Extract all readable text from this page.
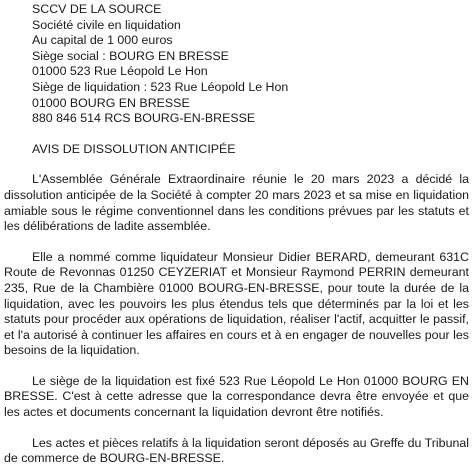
SCCV DE LA SOURCE
Société civile en liquidation
Au capital de 1 000 euros
Siège social : BOURG EN BRESSE
01000 523 Rue Léopold Le Hon
Siège de liquidation : 523 Rue Léopold Le Hon
01000 BOURG EN BRESSE
880 846 514 RCS BOURG-EN-BRESSE
AVIS DE DISSOLUTION ANTICIPÉE

L'Assemblée Générale Extraordinaire réunie le 20 mars 2023 a décidé la dissolution anticipée de la Société à compter 20 mars 2023 et sa mise en liquidation amiable sous le régime conventionnel dans les conditions prévues par les statuts et les délibérations de ladite assemblée.

Elle a nommé comme liquidateur Monsieur Didier BERARD, demeurant 631C Route de Revonnas 01250 CEYZERIAT et Monsieur Raymond PERRIN demeurant 235, Rue de la Chambière 01000 BOURG-EN-BRESSE, pour toute la durée de la liquidation, avec les pouvoirs les plus étendus tels que déterminés par la loi et les statuts pour procéder aux opérations de liquidation, réaliser l'actif, acquitter le passif, et l'a autorisé à continuer les affaires en cours et à en engager de nouvelles pour les besoins de la liquidation.

Le siège de la liquidation est fixé 523 Rue Léopold Le Hon 01000 BOURG EN BRESSE. C'est à cette adresse que la correspondance devra être envoyée et que les actes et documents concernant la liquidation devront être notifiés.

Les actes et pièces relatifs à la liquidation seront déposés au Greffe du Tribunal de commerce de BOURG-EN-BRESSE.
